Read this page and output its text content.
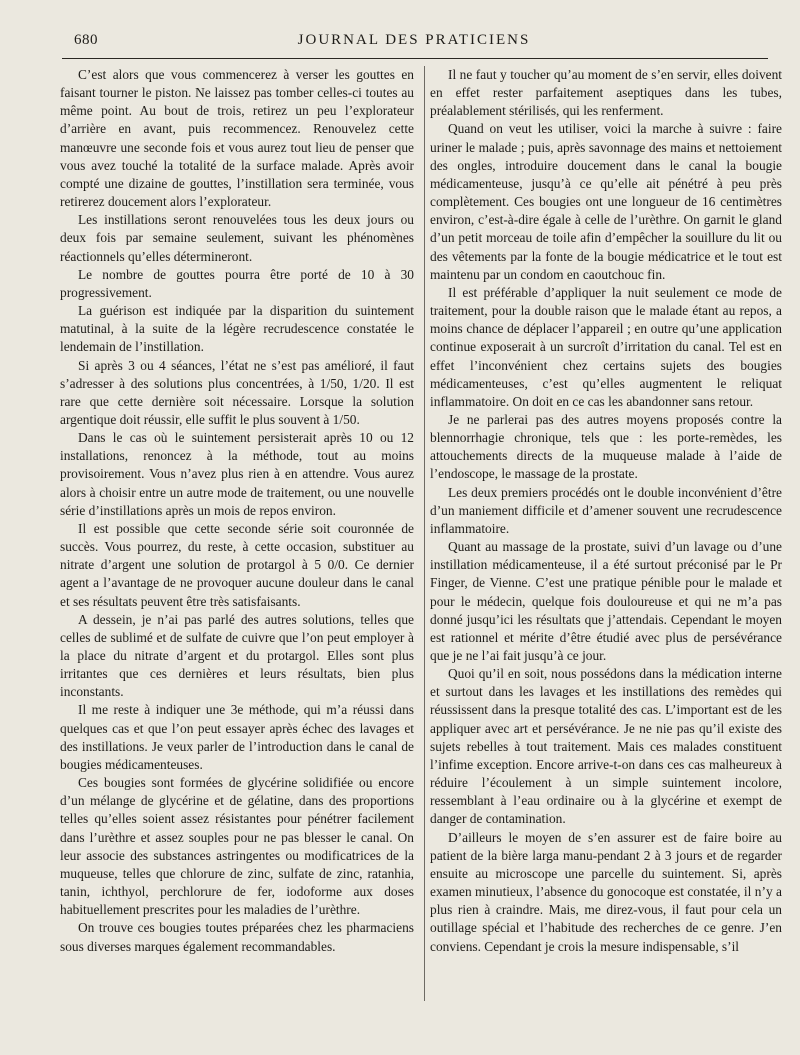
680	JOURNAL DES PRATICIENS

C’est alors que vous commencerez à verser les gouttes en faisant tourner le piston. Ne laissez pas tomber celles-ci toutes au même point. Au bout de trois, retirez un peu l’explorateur d’arrière en avant, puis recommencez. Renouvelez cette manœuvre une seconde fois et vous aurez tout lieu de penser que vous avez touché la totalité de la surface malade. Après avoir compté une dizaine de gouttes, l’instillation sera terminée, vous retirerez doucement alors l’explorateur.

Les instillations seront renouvelées tous les deux jours ou deux fois par semaine seulement, suivant les phénomènes réactionnels qu’elles détermineront.

Le nombre de gouttes pourra être porté de 10 à 30 progressivement.

La guérison est indiquée par la disparition du suintement matutinal, à la suite de la légère recrudescence constatée le lendemain de l’instillation.

Si après 3 ou 4 séances, l’état ne s’est pas amélioré, il faut s’adresser à des solutions plus concentrées, à 1/50, 1/20. Il est rare que cette dernière soit nécessaire. Lorsque la solution argentique doit réussir, elle suffit le plus souvent à 1/50.

Dans le cas où le suintement persisterait après 10 ou 12 installations, renoncez à la méthode, tout au moins provisoirement. Vous n’avez plus rien à en attendre. Vous aurez alors à choisir entre un autre mode de traitement, ou une nouvelle série d’instillations après un mois de repos environ.

Il est possible que cette seconde série soit couronnée de succès. Vous pourrez, du reste, à cette occasion, substituer au nitrate d’argent une solution de protargol à 5 0/0. Ce dernier agent a l’avantage de ne provoquer aucune douleur dans le canal et ses résultats peuvent être très satisfaisants.

A dessein, je n’ai pas parlé des autres solutions, telles que celles de sublimé et de sulfate de cuivre que l’on peut employer à la place du nitrate d’argent et du protargol. Elles sont plus irritantes que ces dernières et leurs résultats, bien plus inconstants.

Il me reste à indiquer une 3e méthode, qui m’a réussi dans quelques cas et que l’on peut essayer après échec des lavages et des instillations. Je veux parler de l’introduction dans le canal de bougies médicamenteuses.

Ces bougies sont formées de glycérine solidifiée ou encore d’un mélange de glycérine et de gélatine, dans des proportions telles qu’elles soient assez résistantes pour pénétrer facilement dans l’urèthre et assez souples pour ne pas blesser le canal. On leur associe des substances astringentes ou modificatrices de la muqueuse, telles que chlorure de zinc, sulfate de zinc, ratanhia, tanin, ichthyol, perchlorure de fer, iodoforme aux doses habituellement prescrites pour les maladies de l’urèthre.

On trouve ces bougies toutes préparées chez les pharmaciens sous diverses marques également recommandables.

Il ne faut y toucher qu’au moment de s’en servir, elles doivent en effet rester parfaitement aseptiques dans les tubes, préalablement stérilisés, qui les renferment.

Quand on veut les utiliser, voici la marche à suivre : faire uriner le malade ; puis, après savonnage des mains et nettoiement des ongles, introduire doucement dans le canal la bougie médicamenteuse, jusqu’à ce qu’elle ait pénétré à peu près complètement. Ces bougies ont une longueur de 16 centimètres environ, c’est-à-dire égale à celle de l’urèthre. On garnit le gland d’un petit morceau de toile afin d’empêcher la souillure du lit ou des vêtements par la fonte de la bougie médicatrice et le tout est maintenu par un condom en caoutchouc fin.

Il est préférable d’appliquer la nuit seulement ce mode de traitement, pour la double raison que le malade étant au repos, a moins chance de déplacer l’appareil ; en outre qu’une application continue exposerait à un surcroît d’irritation du canal. Tel est en effet l’inconvénient chez certains sujets des bougies médicamenteuses, c’est qu’elles augmentent le reliquat inflammatoire. On doit en ce cas les abandonner sans retour.

Je ne parlerai pas des autres moyens proposés contre la blennorrhagie chronique, tels que : les porte-remèdes, les attouchements directs de la muqueuse malade à l’aide de l’endoscope, le massage de la prostate.

Les deux premiers procédés ont le double inconvénient d’être d’un maniement difficile et d’amener souvent une recrudescence inflammatoire.

Quant au massage de la prostate, suivi d’un lavage ou d’une instillation médicamenteuse, il a été surtout préconisé par le Pr Finger, de Vienne. C’est une pratique pénible pour le malade et pour le médecin, quelque fois douloureuse et qui ne m’a pas donné jusqu’ici les résultats que j’attendais. Cependant le moyen est rationnel et mérite d’être étudié avec plus de persévérance que je ne l’ai fait jusqu’à ce jour.

Quoi qu’il en soit, nous possédons dans la médication interne et surtout dans les lavages et les instillations des remèdes qui réussissent dans la presque totalité des cas. L’important est de les appliquer avec art et persévérance. Je ne nie pas qu’il existe des sujets rebelles à tout traitement. Mais ces malades constituent l’infime exception. Encore arrive-t-on dans ces cas malheureux à réduire l’écoulement à un simple suintement incolore, ressemblant à l’eau ordinaire ou à la glycérine et exempt de danger de contamination.

D’ailleurs le moyen de s’en assurer est de faire boire au patient de la bière larga manu-pendant 2 à 3 jours et de regarder ensuite au microscope une parcelle du suintement. Si, après examen minutieux, l’absence du gonocoque est constatée, il n’y a plus rien à craindre. Mais, me direz-vous, il faut pour cela un outillage spécial et l’habitude des recherches de ce genre. J’en conviens. Cependant je crois la mesure indispensable, s’il
